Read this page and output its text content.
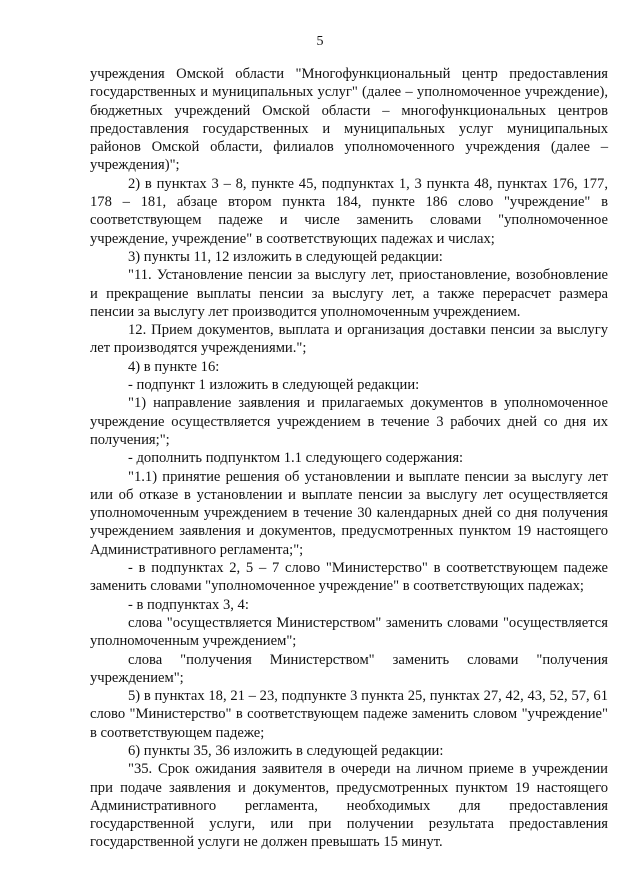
5

учреждения Омской области "Многофункциональный центр предоставления государственных и муниципальных услуг" (далее – уполномоченное учреждение), бюджетных учреждений Омской области – многофункциональных центров предоставления государственных и муниципальных услуг муниципальных районов Омской области, филиалов уполномоченного учреждения (далее – учреждения)";

2) в пунктах 3 – 8, пункте 45, подпунктах 1, 3 пункта 48, пунктах 176, 177, 178 – 181, абзаце втором пункта 184, пункте 186 слово "учреждение" в соответствующем падеже и числе заменить словами "уполномоченное учреждение, учреждение" в соответствующих падежах и числах;

3) пункты 11, 12 изложить в следующей редакции:

"11. Установление пенсии за выслугу лет, приостановление, возобновление и прекращение выплаты пенсии за выслугу лет, а также перерасчет размера пенсии за выслугу лет производится уполномоченным учреждением.

12. Прием документов, выплата и организация доставки пенсии за выслугу лет производятся учреждениями.";

4) в пункте 16:

- подпункт 1 изложить в следующей редакции:

"1) направление заявления и прилагаемых документов в уполномоченное учреждение осуществляется учреждением в течение 3 рабочих дней со дня их получения;";

- дополнить подпунктом 1.1 следующего содержания:

"1.1) принятие решения об установлении и выплате пенсии за выслугу лет или об отказе в установлении и выплате пенсии за выслугу лет осуществляется уполномоченным учреждением в течение 30 календарных дней со дня получения учреждением заявления и документов, предусмотренных пунктом 19 настоящего Административного регламента;";

- в подпунктах 2, 5 – 7 слово "Министерство" в соответствующем падеже заменить словами "уполномоченное учреждение" в соответствующих падежах;

- в подпунктах 3, 4:

слова "осуществляется Министерством" заменить словами "осуществляется уполномоченным учреждением";

слова "получения Министерством" заменить словами "получения учреждением";

5) в пунктах 18, 21 – 23, подпункте 3 пункта 25, пунктах 27, 42, 43, 52, 57, 61 слово "Министерство" в соответствующем падеже заменить словом "учреждение" в соответствующем падеже;

6) пункты 35, 36 изложить в следующей редакции:

"35. Срок ожидания заявителя в очереди на личном приеме в учреждении при подаче заявления и документов, предусмотренных пунктом 19 настоящего Административного регламента, необходимых для предоставления государственной услуги, или при получении результата предоставления государственной услуги не должен превышать 15 минут.
